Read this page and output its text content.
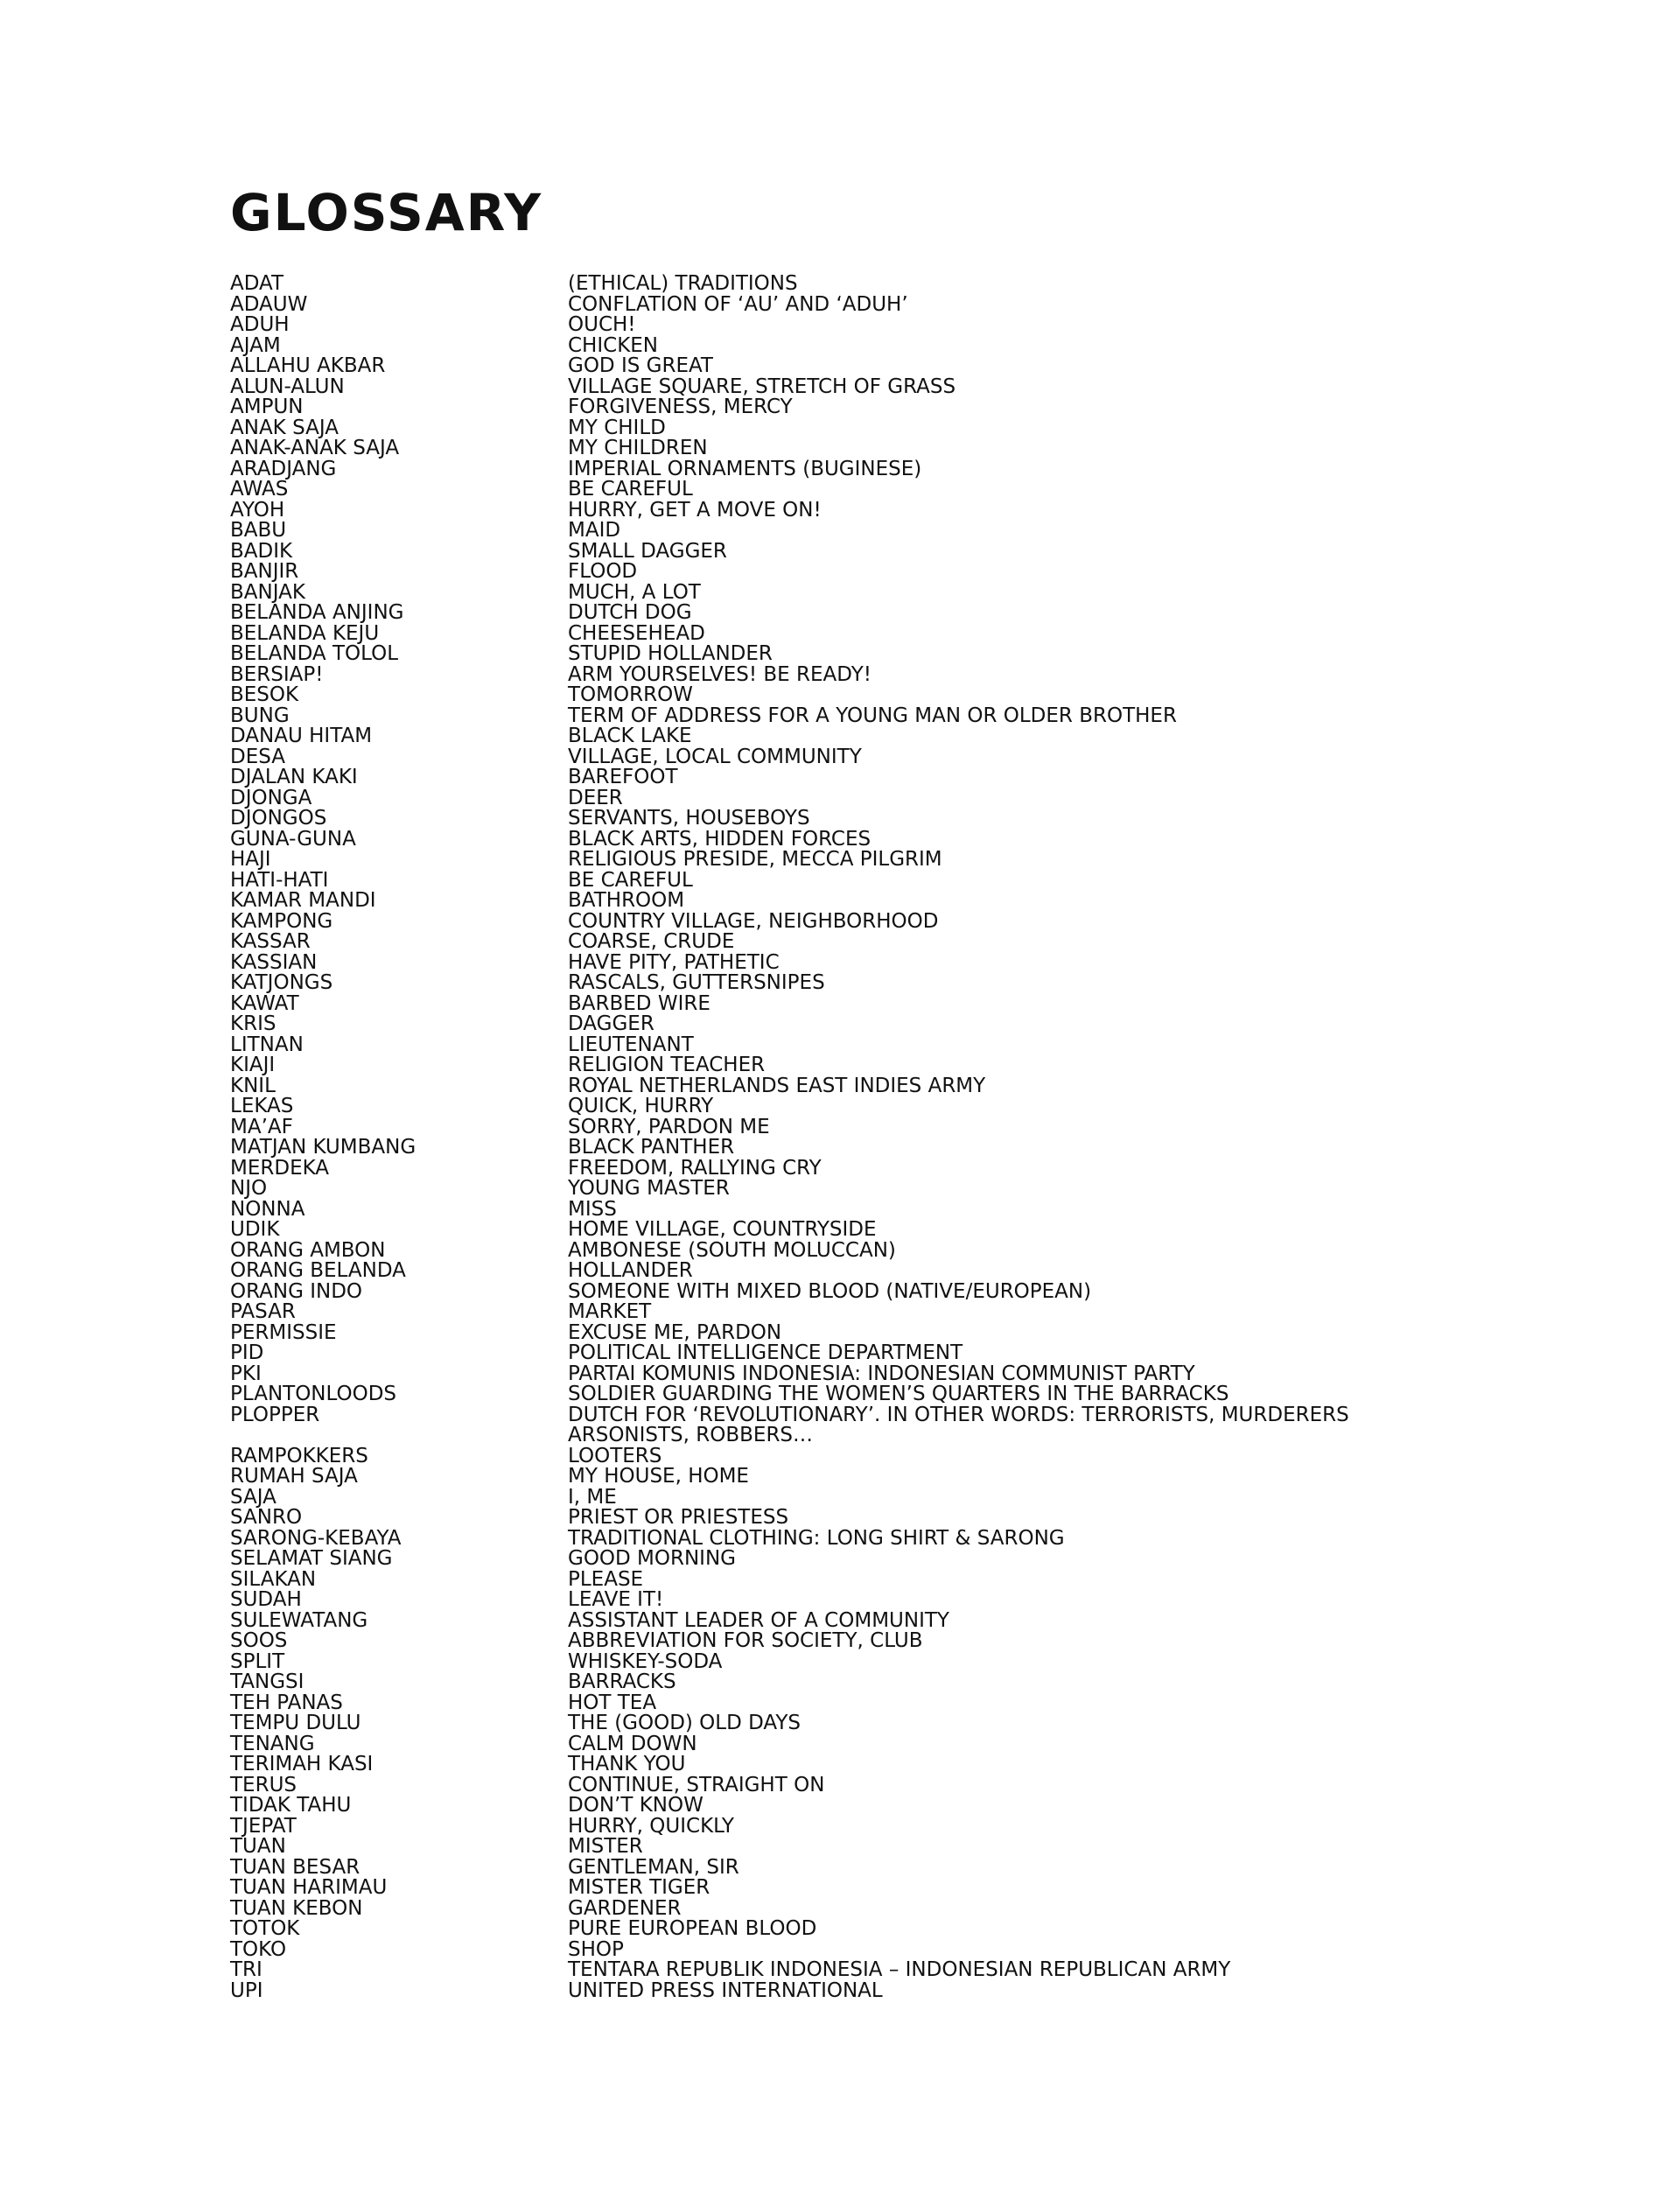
GLOSSARY
ADAT	(ETHICAL) TRADITIONS
ADAUW	CONFLATION OF ‘AU’ AND ‘ADUH’
ADUH	OUCH!
AJAM	CHICKEN
ALLAHU AKBAR	GOD IS GREAT
ALUN-ALUN	VILLAGE SQUARE, STRETCH OF GRASS
AMPUN	FORGIVENESS, MERCY
ANAK SAJA	MY CHILD
ANAK-ANAK SAJA	MY CHILDREN
ARADJANG	IMPERIAL ORNAMENTS (BUGINESE)
AWAS	BE CAREFUL
AYOH	HURRY, GET A MOVE ON!
BABU	MAID
BADIK	SMALL DAGGER
BANJIR	FLOOD
BANJAK	MUCH, A LOT
BELANDA ANJING	DUTCH DOG
BELANDA KEJU	CHEESEHEAD
BELANDA TOLOL	STUPID HOLLANDER
BERSIAP!	ARM YOURSELVES! BE READY!
BESOK	TOMORROW
BUNG	TERM OF ADDRESS FOR A YOUNG MAN OR OLDER BROTHER
DANAU HITAM	BLACK LAKE
DESA	VILLAGE, LOCAL COMMUNITY
DJALAN KAKI	BAREFOOT
DJONGA	DEER
DJONGOS	SERVANTS, HOUSEBOYS
GUNA-GUNA	BLACK ARTS, HIDDEN FORCES
HAJI	RELIGIOUS PRESIDE, MECCA PILGRIM
HATI-HATI	BE CAREFUL
KAMAR MANDI	BATHROOM
KAMPONG	COUNTRY VILLAGE, NEIGHBORHOOD
KASSAR	COARSE, CRUDE
KASSIAN	HAVE PITY, PATHETIC
KATJONGS	RASCALS, GUTTERSNIPES
KAWAT	BARBED WIRE
KRIS	DAGGER
LITNAN	LIEUTENANT
KIAJI	RELIGION TEACHER
KNIL	ROYAL NETHERLANDS EAST INDIES ARMY
LEKAS	QUICK, HURRY
MA’AF	SORRY, PARDON ME
MATJAN KUMBANG	BLACK PANTHER
MERDEKA	FREEDOM, RALLYING CRY
NJO	YOUNG MASTER
NONNA	MISS
UDIK	HOME VILLAGE, COUNTRYSIDE
ORANG AMBON	AMBONESE (SOUTH MOLUCCAN)
ORANG BELANDA	HOLLANDER
ORANG INDO	SOMEONE WITH MIXED BLOOD (NATIVE/EUROPEAN)
PASAR	MARKET
PERMISSIE	EXCUSE ME, PARDON
PID	POLITICAL INTELLIGENCE DEPARTMENT
PKI	PARTAI KOMUNIS INDONESIA: INDONESIAN COMMUNIST PARTY
PLANTONLOODS	SOLDIER GUARDING THE WOMEN’S QUARTERS IN THE BARRACKS
PLOPPER	DUTCH FOR ‘REVOLUTIONARY’. IN OTHER WORDS: TERRORISTS, MURDERERS
ARSONISTS, ROBBERS…
RAMPOKKERS	LOOTERS
RUMAH SAJA	MY HOUSE, HOME
SAJA	I, ME
SANRO	PRIEST OR PRIESTESS
SARONG-KEBAYA	TRADITIONAL CLOTHING: LONG SHIRT & SARONG
SELAMAT SIANG	GOOD MORNING
SILAKAN	PLEASE
SUDAH	LEAVE IT!
SULEWATANG	ASSISTANT LEADER OF A COMMUNITY
SOOS	ABBREVIATION FOR SOCIETY, CLUB
SPLIT	WHISKEY-SODA
TANGSI	BARRACKS
TEH PANAS	HOT TEA
TEMPU DULU	THE (GOOD) OLD DAYS
TENANG	CALM DOWN
TERIMAH KASI	THANK YOU
TERUS	CONTINUE, STRAIGHT ON
TIDAK TAHU	DON’T KNOW
TJEPAT	HURRY, QUICKLY
TUAN	MISTER
TUAN BESAR	GENTLEMAN, SIR
TUAN HARIMAU	MISTER TIGER
TUAN KEBON	GARDENER
TOTOK	PURE EUROPEAN BLOOD
TOKO	SHOP
TRI	TENTARA REPUBLIK INDONESIA – INDONESIAN REPUBLICAN ARMY
UPI	UNITED PRESS INTERNATIONAL
